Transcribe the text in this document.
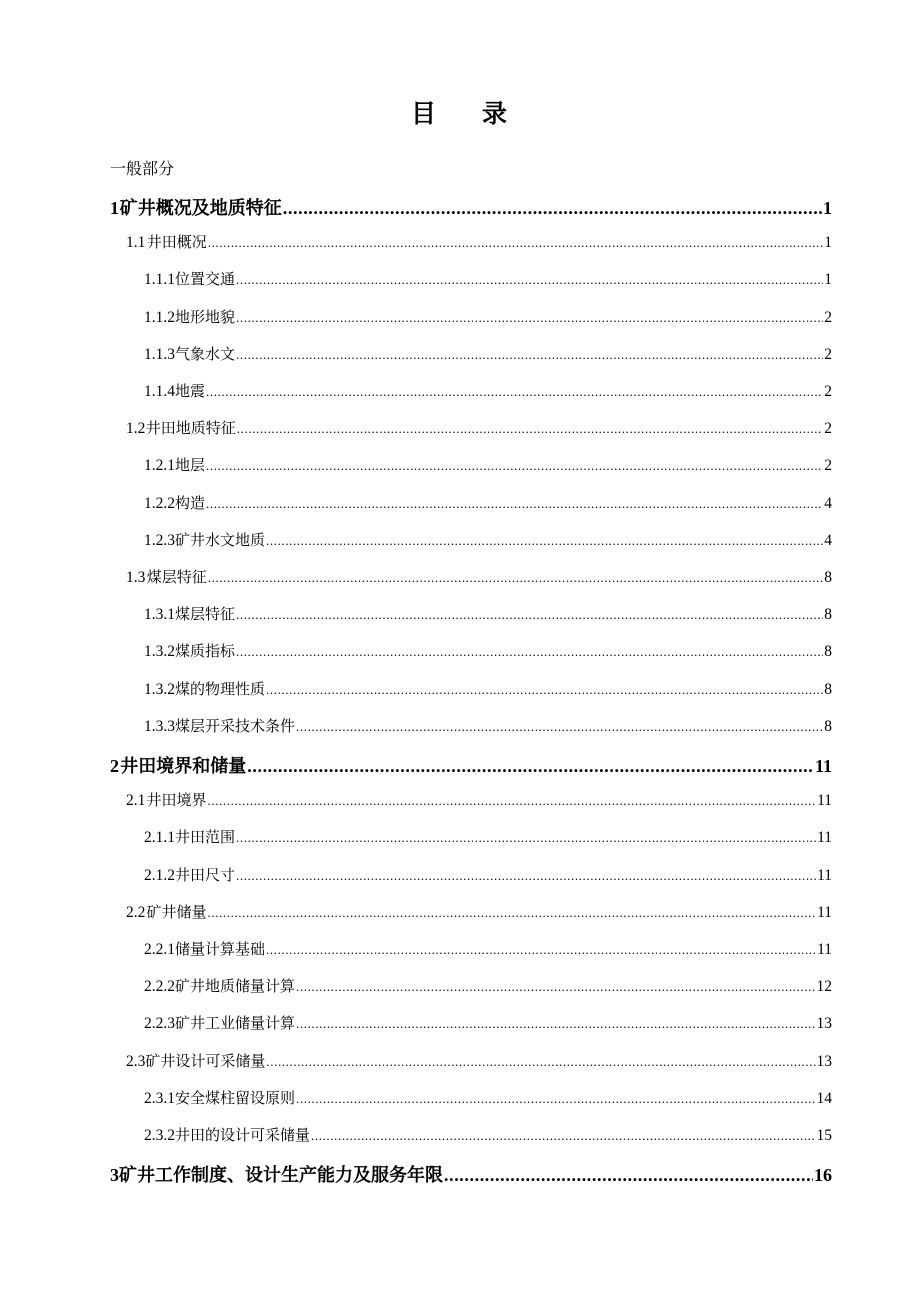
目 录
一般部分
1 矿井概况及地质特征 .....	1
1.1 井田概况 .....	1
1.1.1 位置交通 .....	1
1.1.2 地形地貌 .....	2
1.1.3 气象水文 .....	2
1.1.4 地震 .....	2
1.2 井田地质特征 .....	2
1.2.1 地层 .....	2
1.2.2 构造 .....	4
1.2.3 矿井水文地质 .....	4
1.3 煤层特征 .....	8
1.3.1 煤层特征 .....	8
1.3.2 煤质指标 .....	8
1.3.2 煤的物理性质 .....	8
1.3.3 煤层开采技术条件 .....	8
2 井田境界和储量 .....	11
2.1 井田境界 .....	11
2.1.1 井田范围 .....	11
2.1.2 井田尺寸 .....	11
2.2 矿井储量 .....	11
2.2.1 储量计算基础 .....	11
2.2.2 矿井地质储量计算 .....	12
2.2.3 矿井工业储量计算 .....	13
2.3 矿井设计可采储量 .....	13
2.3.1 安全煤柱留设原则 .....	14
2.3.2 井田的设计可采储量 .....	15
3 矿井工作制度、设计生产能力及服务年限 .....	16
